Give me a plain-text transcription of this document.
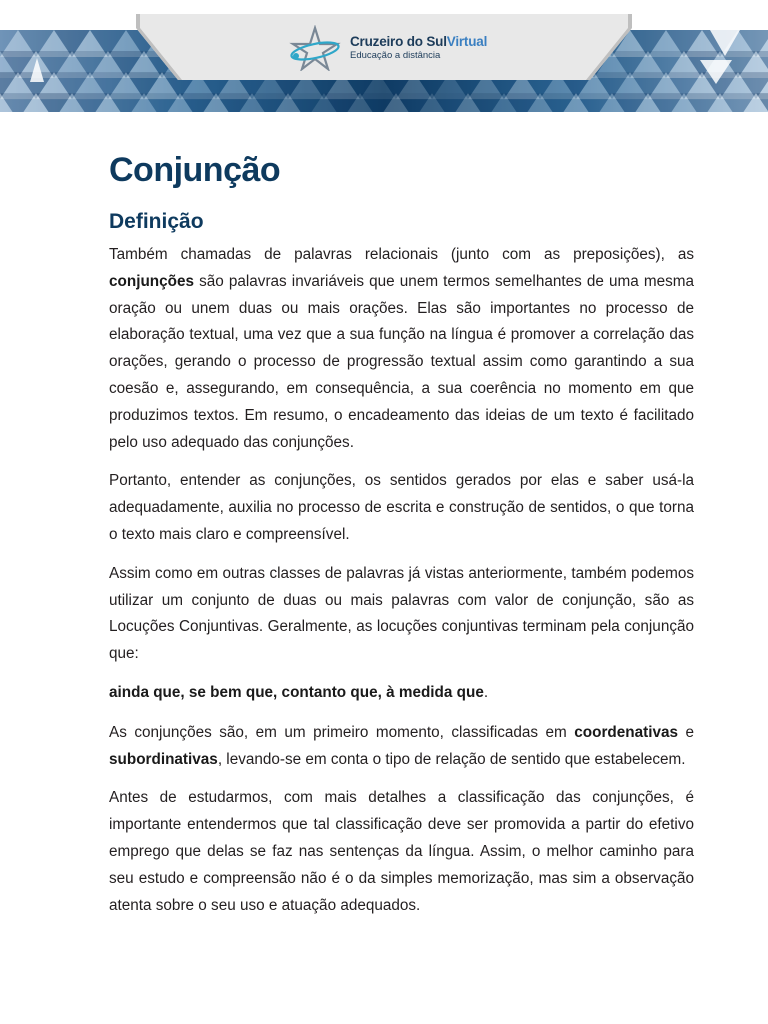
Cruzeiro do SulVirtual
Educação a distância
Conjunção
Definição

Também chamadas de palavras relacionais (junto com as preposições), as conjunções são palavras invariáveis que unem termos semelhantes de uma mesma oração ou unem duas ou mais orações. Elas são importantes no processo de elaboração textual, uma vez que a sua função na língua é promover a correlação das orações, gerando o processo de progressão textual assim como garantindo a sua coesão e, assegurando, em consequência, a sua coerência no momento em que produzimos textos. Em resumo, o encadeamento das ideias de um texto é facilitado pelo uso adequado das conjunções.

Portanto, entender as conjunções, os sentidos gerados por elas e saber usá-la adequadamente, auxilia no processo de escrita e construção de sentidos, o que torna o texto mais claro e compreensível.

Assim como em outras classes de palavras já vistas anteriormente, também podemos utilizar um conjunto de duas ou mais palavras com valor de conjunção, são as Locuções Conjuntivas. Geralmente, as locuções conjuntivas terminam pela conjunção que:

ainda que, se bem que, contanto que, à medida que.

As conjunções são, em um primeiro momento, classificadas em coordenativas e subordinativas, levando-se em conta o tipo de relação de sentido que estabelecem.

Antes de estudarmos, com mais detalhes a classificação das conjunções, é importante entendermos que tal classificação deve ser promovida a partir do efetivo emprego que delas se faz nas sentenças da língua. Assim, o melhor caminho para seu estudo e compreensão não é o da simples memorização, mas sim a observação atenta sobre o seu uso e atuação adequados.
